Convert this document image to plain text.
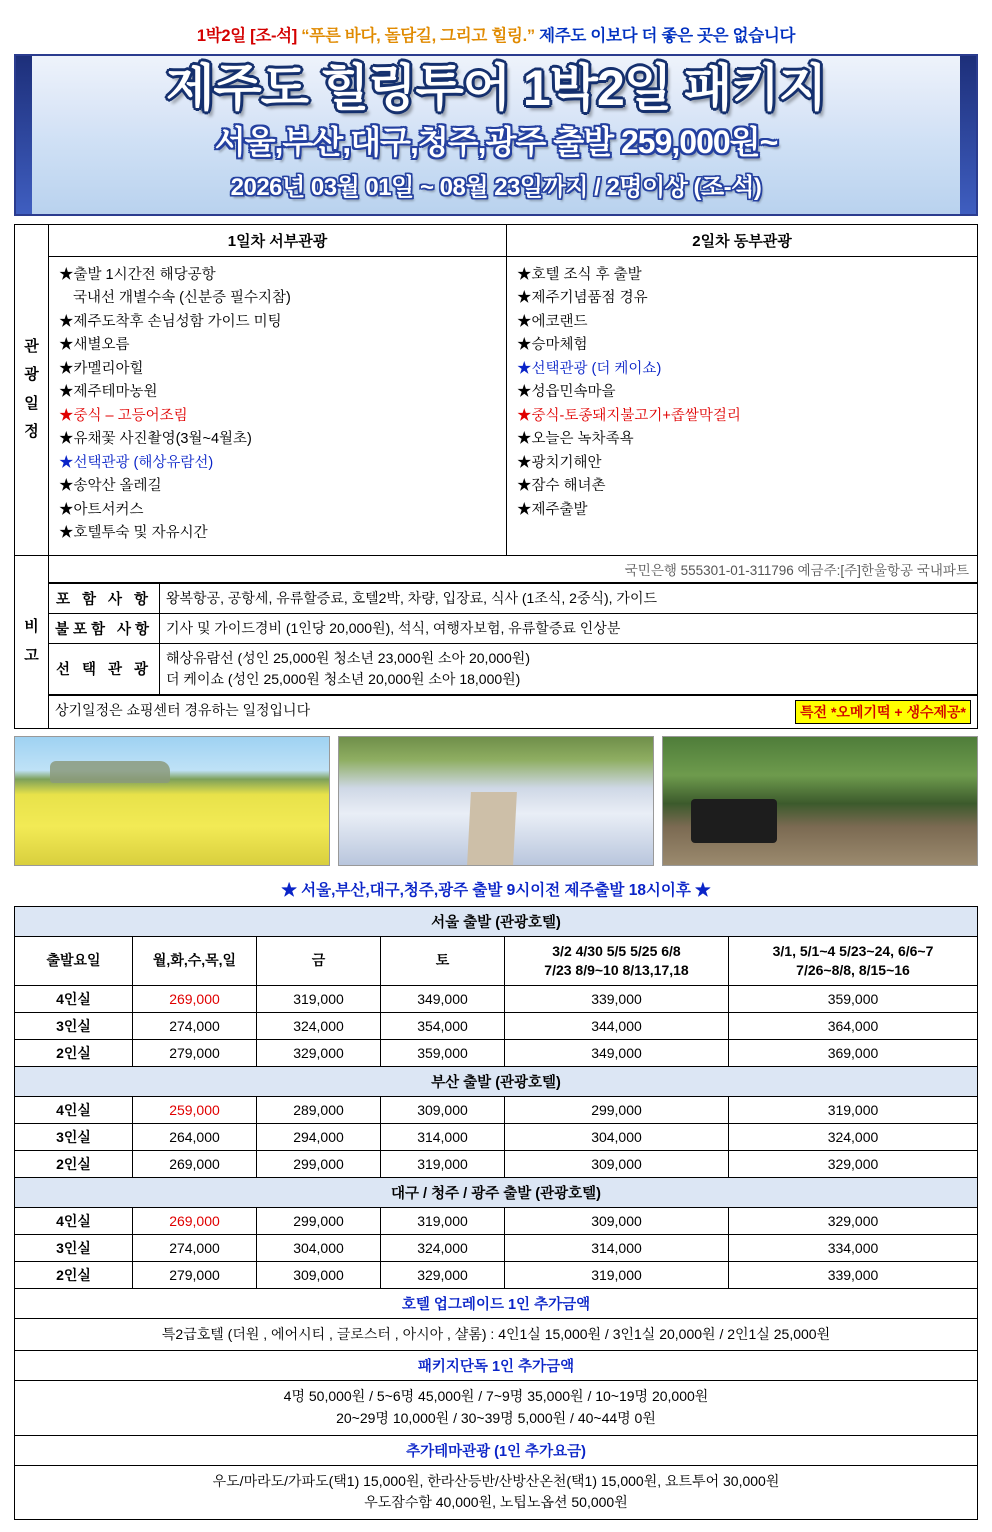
1박2일 [조-석] “푸른 바다, 돌담길, 그리고 힐링.” 제주도 이보다 더 좋은 곳은 없습니다
제주도 힐링투어 1박2일 패키지
서울,부산,대구,청주,광주 출발 259,000원~
2026년 03월 01일 ~ 08월 23일까지 / 2명이상 (조-석)
관 광 일 정	1일차 서부관광	2일차 동부관광

★출발 1시간전 해당공항
국내선 개별수속 (신분증 필수지참)
★제주도착후 손님성함 가이드 미팅
★새별오름
★카멜리아힐
★제주테마농원
★중식 – 고등어조림
★유채꽃 사진촬영(3월~4월초)
★선택관광 (해상유람선)
★송악산 올레길
★아트서커스
★호텔투숙 및 자유시간

★호텔 조식 후 출발
★제주기념품점 경유
★에코랜드
★승마체험
★선택관광 (더 케이쇼)
★성읍민속마을
★중식-토종돼지불고기+좁쌀막걸리
★오늘은 녹차족욕
★광치기해안
★잠수 해녀촌
★제주출발

비 고	국민은행 555301-01-311796 예금주:[주]한울항공 국내파트

포 함 사 항	왕복항공, 공항세, 유류할증료, 호텔2박, 차량, 입장료, 식사 (1조식, 2중식), 가이드
불포함 사항	기사 및 가이드경비 (1인당 20,000원), 석식, 여행자보험, 유류할증료 인상분
선 택 관 광	해상유람선 (성인 25,000원 청소년 23,000원 소아 20,000원)
더 케이쇼 (성인 25,000원 청소년 20,000원 소아 18,000원)

특전 *오메기떡 + 생수제공*
상기일정은 쇼핑센터 경유하는 일정입니다
★ 서울,부산,대구,청주,광주 출발 9시이전 제주출발 18시이후 ★
서울 출발 (관광호텔)					
출발요일	월,화,수,목,일	금	토	3/2 4/30 5/5 5/25 6/8
7/23 8/9~10 8/13,17,18	3/1, 5/1~4 5/23~24, 6/6~7
7/26~8/8, 8/15~16
4인실	269,000	319,000	349,000	339,000	359,000
3인실	274,000	324,000	354,000	344,000	364,000
2인실	279,000	329,000	359,000	349,000	369,000
부산 출발 (관광호텔)					
4인실	259,000	289,000	309,000	299,000	319,000
3인실	264,000	294,000	314,000	304,000	324,000
2인실	269,000	299,000	319,000	309,000	329,000
대구 / 청주 / 광주 출발 (관광호텔)					
4인실	269,000	299,000	319,000	309,000	329,000
3인실	274,000	304,000	324,000	314,000	334,000
2인실	279,000	309,000	329,000	319,000	339,000
호텔 업그레이드 1인 추가금액					
특2급호텔 (더원 , 에어시티 , 글로스터 , 아시아 , 샬롬) : 4인1실 15,000원 / 3인1실 20,000원 / 2인1실 25,000원					
패키지단독 1인 추가금액					
4명 50,000원 / 5~6명 45,000원 / 7~9명 35,000원 / 10~19명 20,000원
20~29명 10,000원 / 30~39명 5,000원 / 40~44명 0원					
추가테마관광 (1인 추가요금)					
우도/마라도/가파도(택1) 15,000원, 한라산등반/산방산온천(택1) 15,000원, 요트투어 30,000원
우도잠수함 40,000원, 노팁노옵션 50,000원					
